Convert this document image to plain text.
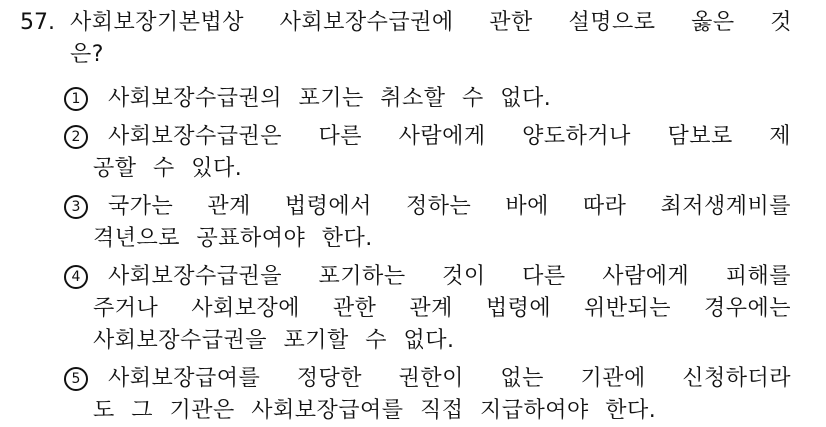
57. 사회보장기본법상 사회보장수급권에 관한 설명으로 옳은 것
은?
1	사회보장수급권의 포기는 취소할 수 없다.
2	사회보장수급권은 다른 사람에게 양도하거나 담보로 제
공할 수 있다.
3	국가는 관계 법령에서 정하는 바에 따라 최저생계비를
격년으로 공표하여야 한다.
4	사회보장수급권을 포기하는 것이 다른 사람에게 피해를
주거나 사회보장에 관한 관계 법령에 위반되는 경우에는
사회보장수급권을 포기할 수 없다.
5	사회보장급여를 정당한 권한이 없는 기관에 신청하더라
도 그 기관은 사회보장급여를 직접 지급하여야 한다.
